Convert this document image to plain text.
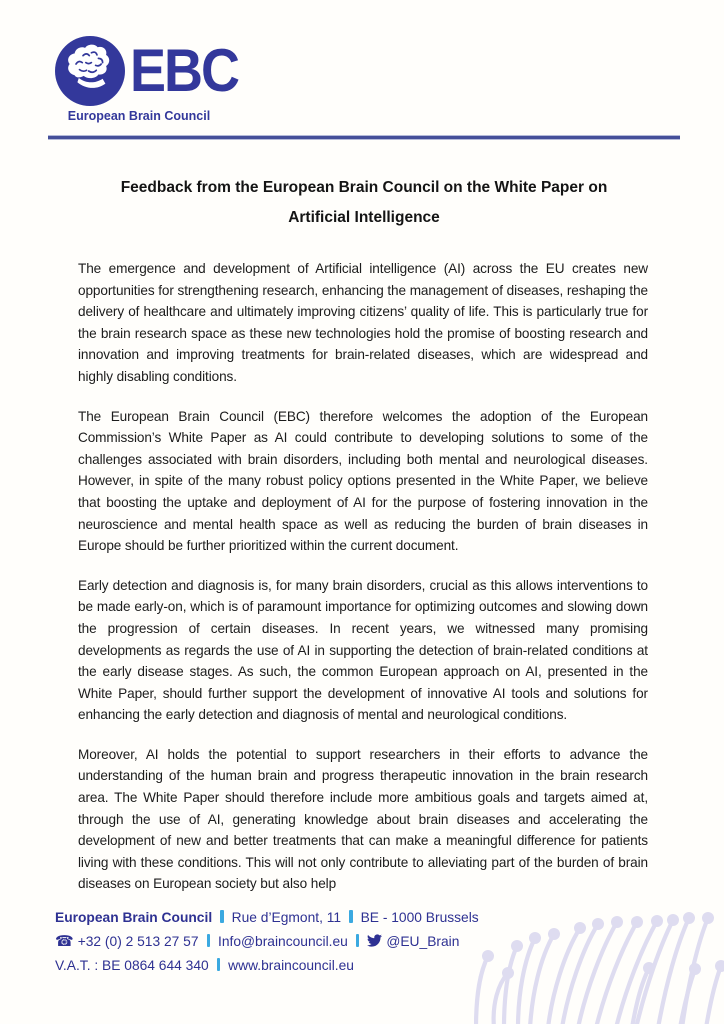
EBC
European Brain Council
Feedback from the European Brain Council on the White Paper on
Artificial Intelligence

The emergence and development of Artificial intelligence (AI) across the EU creates new opportunities for strengthening research, enhancing the management of diseases, reshaping the delivery of healthcare and ultimately improving citizens’ quality of life. This is particularly true for the brain research space as these new technologies hold the promise of boosting research and innovation and improving treatments for brain-related diseases, which are widespread and highly disabling conditions.

The European Brain Council (EBC) therefore welcomes the adoption of the European Commission’s White Paper as AI could contribute to developing solutions to some of the challenges associated with brain disorders, including both mental and neurological diseases. However, in spite of the many robust policy options presented in the White Paper, we believe that boosting the uptake and deployment of AI for the purpose of fostering innovation in the neuroscience and mental health space as well as reducing the burden of brain diseases in Europe should be further prioritized within the current document.

Early detection and diagnosis is, for many brain disorders, crucial as this allows interventions to be made early-on, which is of paramount importance for optimizing outcomes and slowing down the progression of certain diseases. In recent years, we witnessed many promising developments as regards the use of AI in supporting the detection of brain-related conditions at the early disease stages. As such, the common European approach on AI, presented in the White Paper, should further support the development of innovative AI tools and solutions for enhancing the early detection and diagnosis of mental and neurological conditions.

Moreover, AI holds the potential to support researchers in their efforts to advance the understanding of the human brain and progress therapeutic innovation in the brain research area. The White Paper should therefore include more ambitious goals and targets aimed at, through the use of AI, generating knowledge about brain diseases and accelerating the development of new and better treatments that can make a meaningful difference for patients living with these conditions. This will not only contribute to alleviating part of the burden of brain diseases on European society but also help

European Brain Council Rue d’Egmont, 11 BE - 1000 Brussels
☎ +32 (0) 2 513 27 57 Info@braincouncil.eu	@EU_Brain
V.A.T. : BE 0864 644 340 www.braincouncil.eu
